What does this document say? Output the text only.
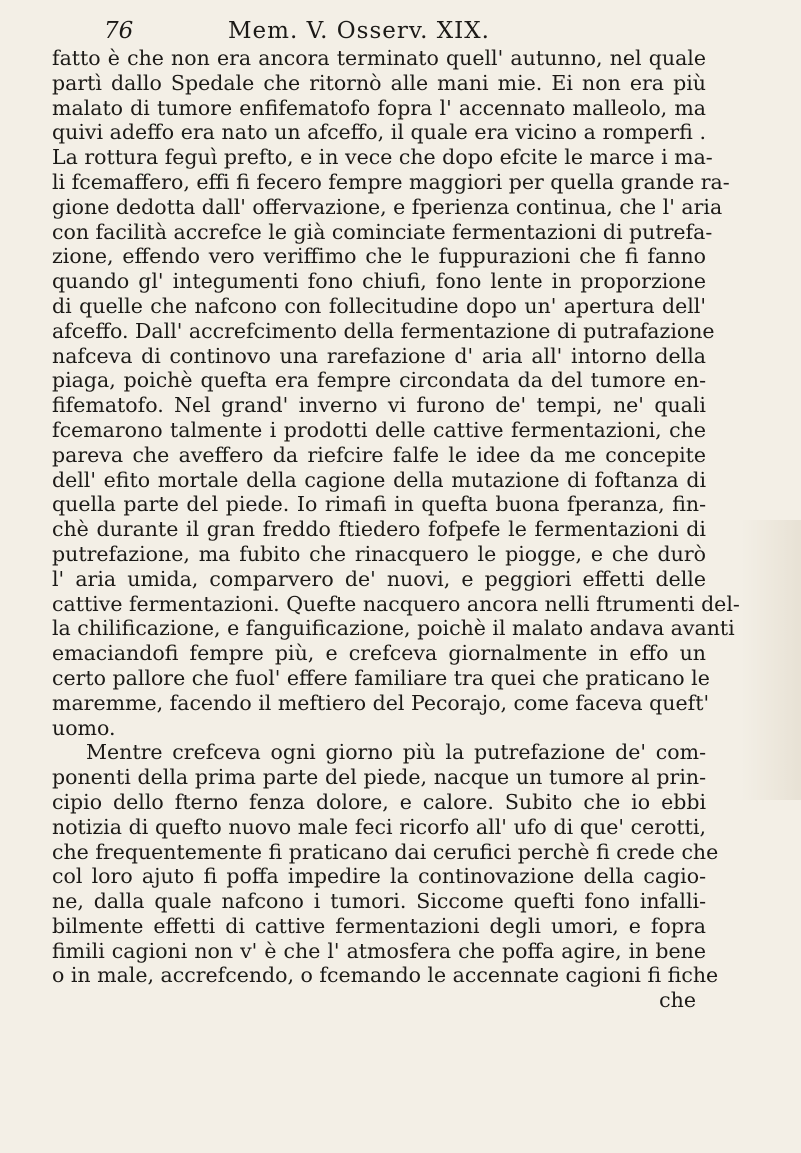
76	Mem. V. Osserv. XIX.
fatto è che non era ancora terminato quell' autunno, nel quale
partì dallo Spedale che ritornò alle mani mie. Ei non era più
malato di tumore enfifematofo fopra l' accennato malleolo, ma
quivi adeffo era nato un afceffo, il quale era vicino a romperfi .
La rottura feguì prefto, e in vece che dopo efcite le marce i ma-
li fcemaffero, effi fi fecero fempre maggiori per quella grande ra-
gione dedotta dall' offervazione, e fperienza continua, che l' aria
con facilità accrefce le già cominciate fermentazioni di putrefa-
zione, effendo vero veriffimo che le fuppurazioni che fi fanno
quando gl' integumenti fono chiufi, fono lente in proporzione
di quelle che nafcono con follecitudine dopo un' apertura dell'
afceffo. Dall' accrefcimento della fermentazione di putrafazione
nafceva di continovo una rarefazione d' aria all' intorno della
piaga, poichè quefta era fempre circondata da del tumore en-
fifematofo. Nel grand' inverno vi furono de' tempi, ne' quali
fcemarono talmente i prodotti delle cattive fermentazioni, che
pareva che aveffero da riefcire falfe le idee da me concepite
dell' efito mortale della cagione della mutazione di foftanza di
quella parte del piede. Io rimafi in quefta buona fperanza, fin-
chè durante il gran freddo ftiedero fofpefe le fermentazioni di
putrefazione, ma fubito che rinacquero le piogge, e che durò
l' aria umida, comparvero de' nuovi, e peggiori effetti delle
cattive fermentazioni. Quefte nacquero ancora nelli ftrumenti del-
la chilificazione, e fanguificazione, poichè il malato andava avanti
emaciandofi fempre più, e crefceva giornalmente in effo un
certo pallore che fuol' effere familiare tra quei che praticano le
maremme, facendo il meftiero del Pecorajo, come faceva queft'
uomo.
Mentre crefceva ogni giorno più la putrefazione de' com-
ponenti della prima parte del piede, nacque un tumore al prin-
cipio dello fterno fenza dolore, e calore. Subito che io ebbi
notizia di quefto nuovo male feci ricorfo all' ufo di que' cerotti,
che frequentemente fi praticano dai cerufici perchè fi crede che
col loro ajuto fi poffa impedire la continovazione della cagio-
ne, dalla quale nafcono i tumori. Siccome quefti fono infalli-
bilmente effetti di cattive fermentazioni degli umori, e fopra
fimili cagioni non v' è che l' atmosfera che poffa agire, in bene
o in male, accrefcendo, o fcemando le accennate cagioni fi fiche
che
